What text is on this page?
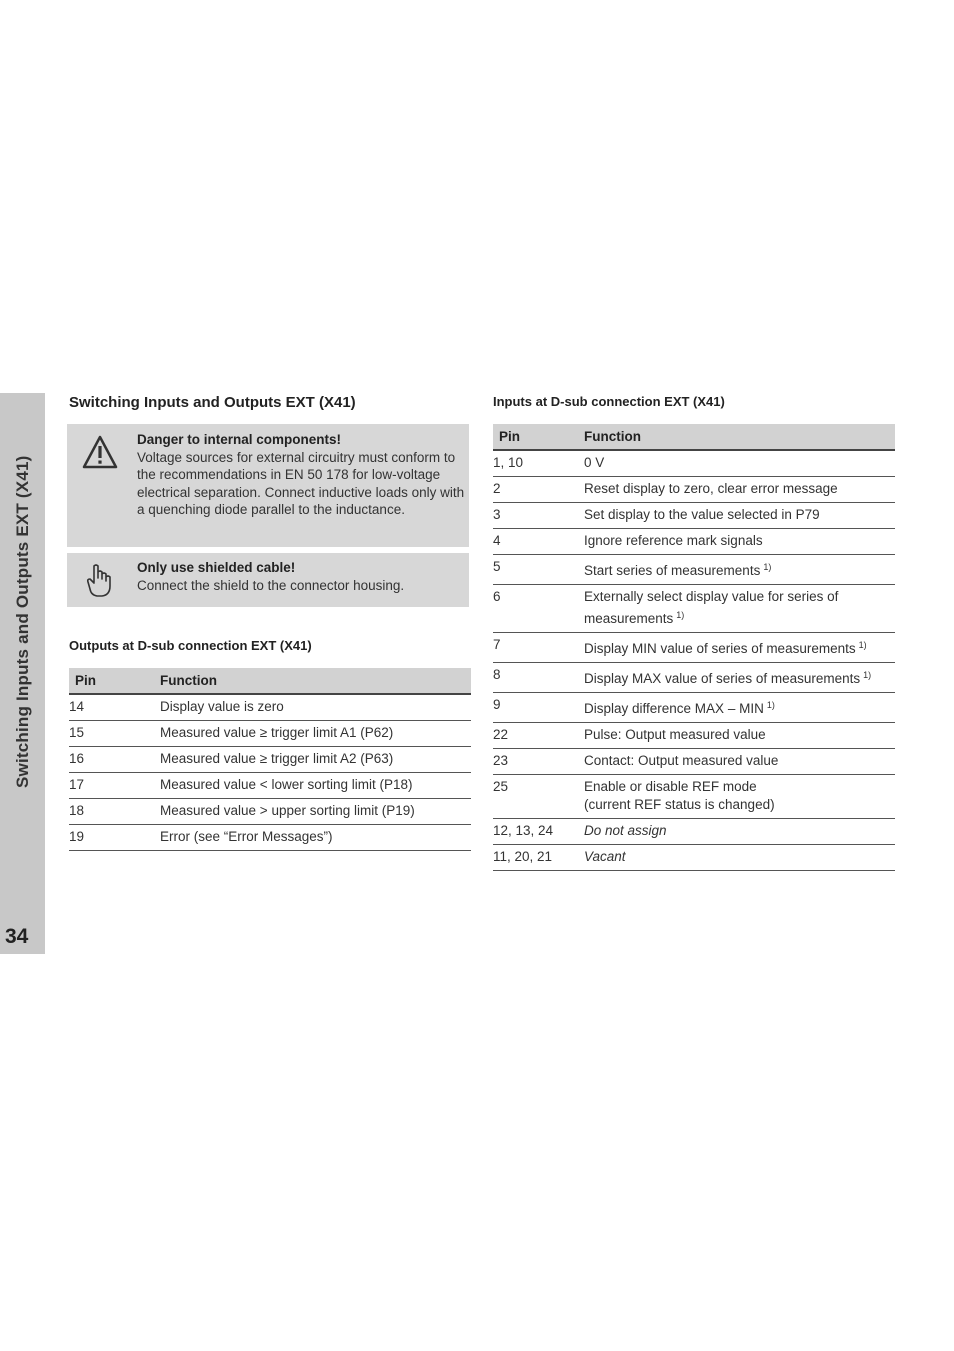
Switching Inputs and Outputs EXT (X41)
34
Switching Inputs and Outputs EXT (X41)
Danger to internal components!
Voltage sources for external circuitry must conform to the recommendations in EN 50 178 for low-voltage electrical separation. Connect inductive loads only with a quenching diode parallel to the inductance.
Only use shielded cable!
Connect the shield to the connector housing.
Outputs at D-sub connection EXT (X41)
Pin	Function
14	Display value is zero
15	Measured value ≥ trigger limit A1 (P62)
16	Measured value ≥ trigger limit A2 (P63)
17	Measured value < lower sorting limit (P18)
18	Measured value > upper sorting limit (P19)
19	Error (see “Error Messages”)
Inputs at D-sub connection EXT (X41)
Pin	Function
1, 10	0 V
2	Reset display to zero, clear error message
3	Set display to the value selected in P79
4	Ignore reference mark signals
5	Start series of measurements $^{1)}$
6	Externally select display value for series of
measurements $^{1)}$
7	Display MIN value of series of measurements $^{1)}$
8	Display MAX value of series of measurements $^{1)}$
9	Display difference MAX – MIN $^{1)}$
22	Pulse: Output measured value
23	Contact: Output measured value
25	Enable or disable REF mode
(current REF status is changed)
12, 13, 24	Do not assign
11, 20, 21	Vacant
